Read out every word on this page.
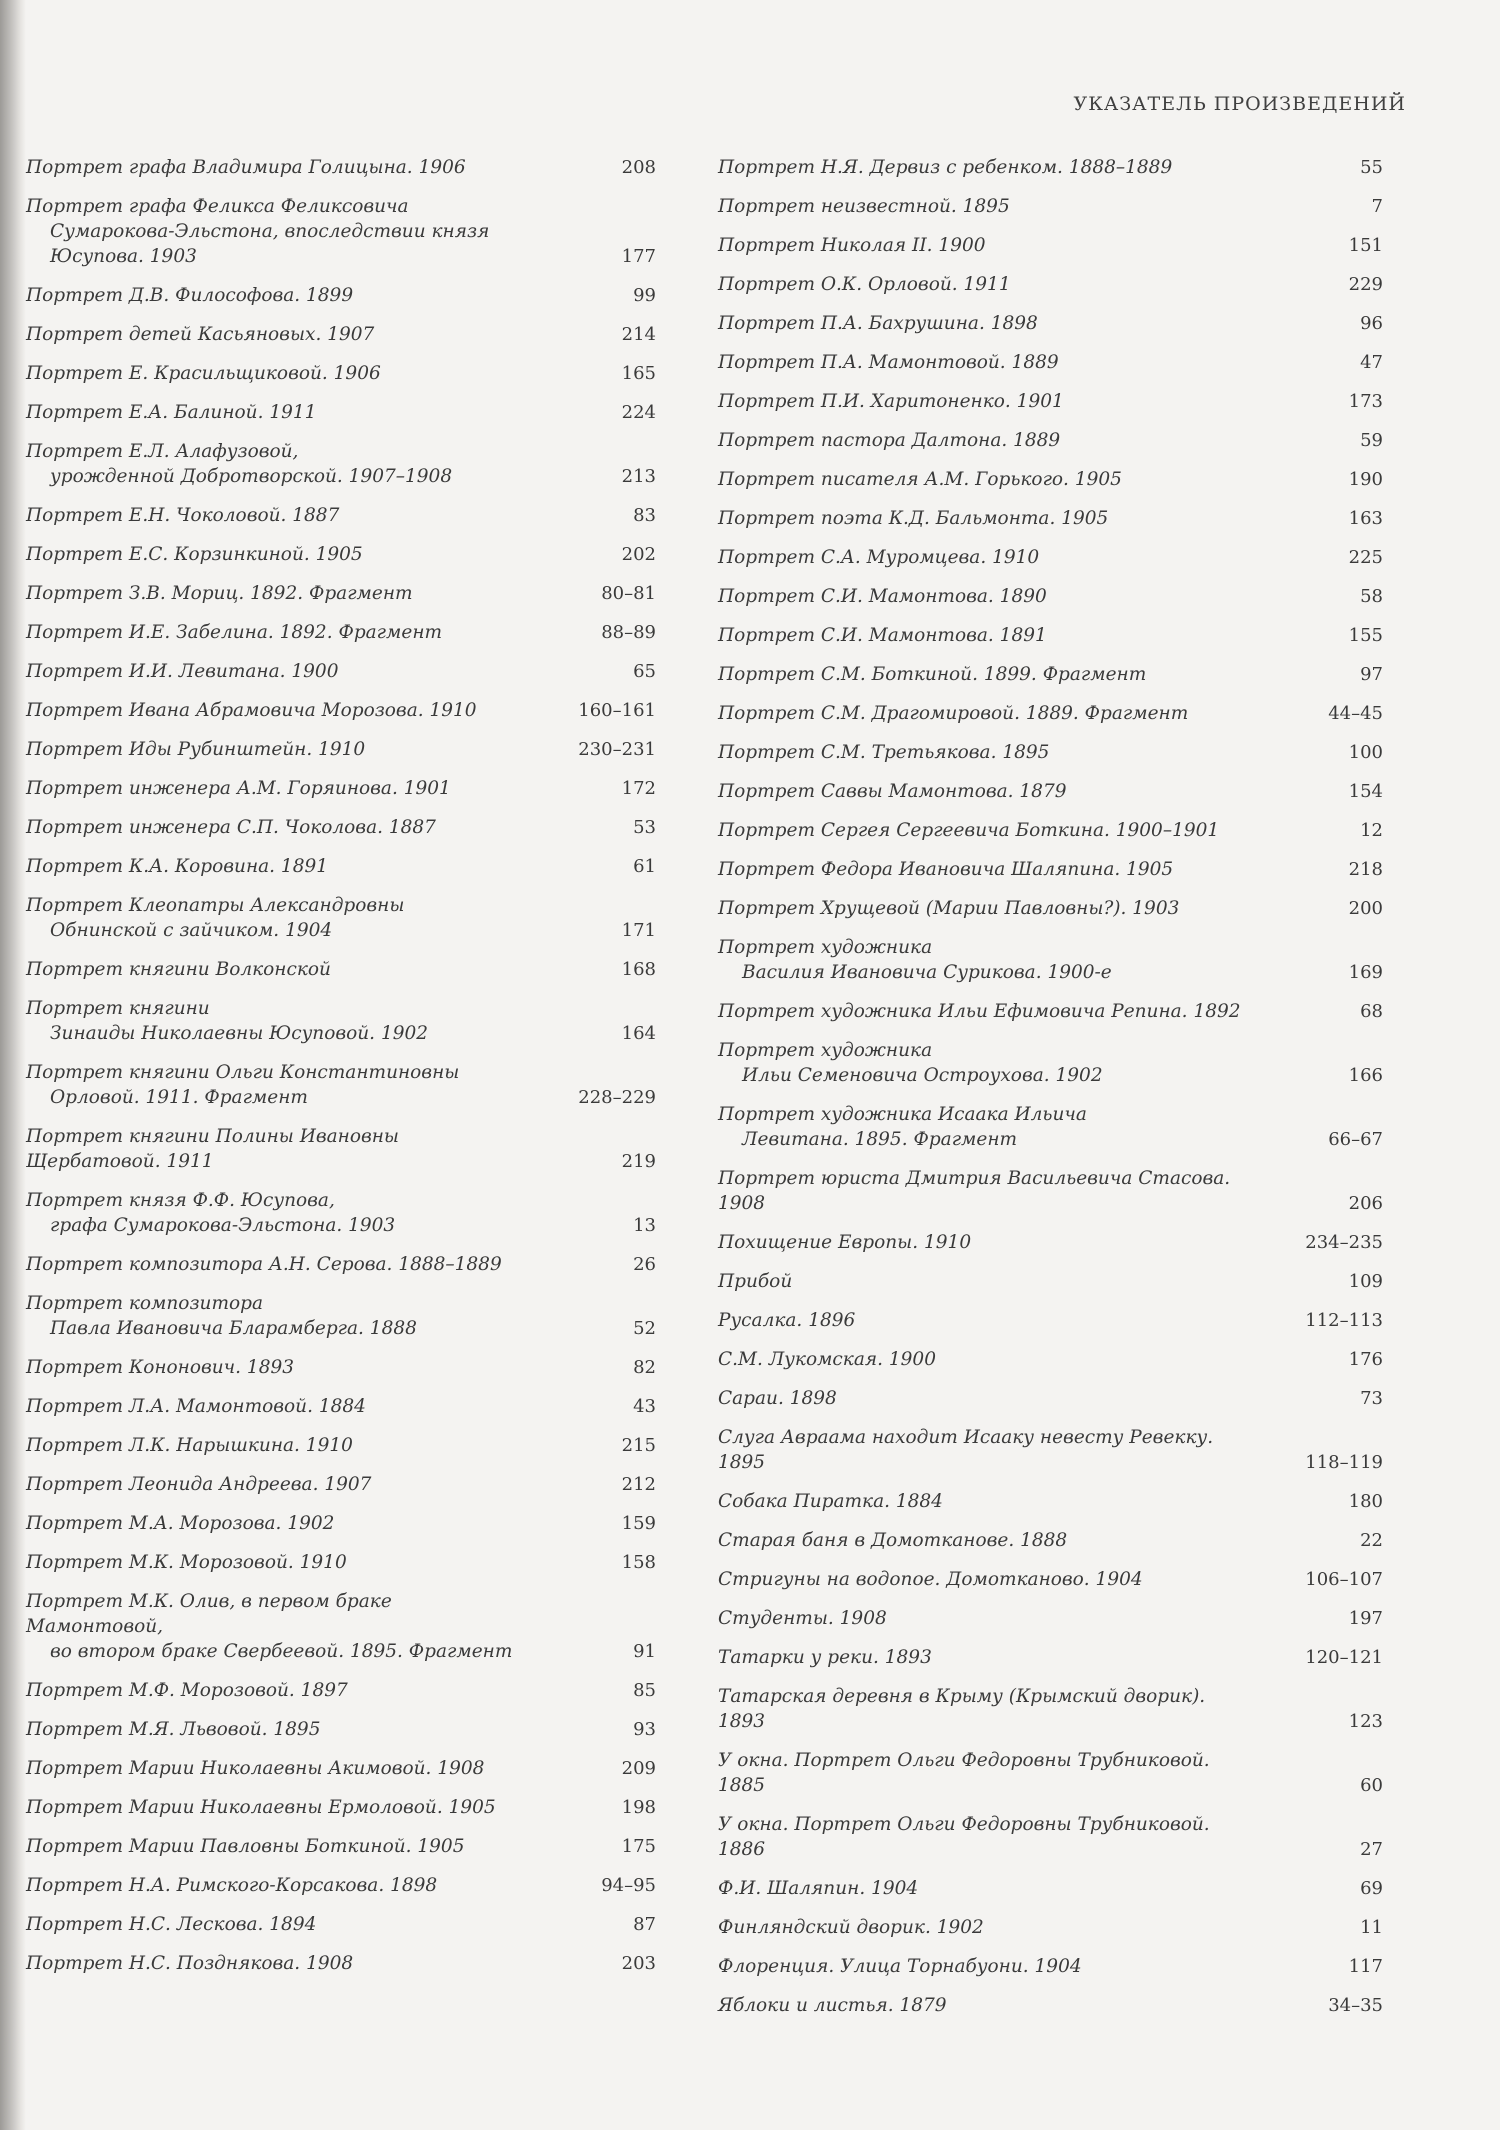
УКАЗАТЕЛЬ ПРОИЗВЕДЕНИЙ
Портрет графа Владимира Голицына. 1906	208
Портрет графа Феликса Феликсовича
Сумарокова-Эльстона, впоследствии князя Юсупова. 1903	177
Портрет Д.В. Философова. 1899	99
Портрет детей Касьяновых. 1907	214
Портрет Е. Красильщиковой. 1906	165
Портрет Е.А. Балиной. 1911	224
Портрет Е.Л. Алафузовой,
урожденной Добротворской. 1907–1908	213
Портрет Е.Н. Чоколовой. 1887	83
Портрет Е.С. Корзинкиной. 1905	202
Портрет З.В. Мориц. 1892. Фрагмент	80–81
Портрет И.Е. Забелина. 1892. Фрагмент	88–89
Портрет И.И. Левитана. 1900	65
Портрет Ивана Абрамовича Морозова. 1910	160–161
Портрет Иды Рубинштейн. 1910	230–231
Портрет инженера А.М. Горяинова. 1901	172
Портрет инженера С.П. Чоколова. 1887	53
Портрет К.А. Коровина. 1891	61
Портрет Клеопатры Александровны
Обнинской с зайчиком. 1904	171
Портрет княгини Волконской	168
Портрет княгини
Зинаиды Николаевны Юсуповой. 1902	164
Портрет княгини Ольги Константиновны
Орловой. 1911. Фрагмент	228–229
Портрет княгини Полины Ивановны Щербатовой. 1911	219
Портрет князя Ф.Ф. Юсупова,
графа Сумарокова-Эльстона. 1903	13
Портрет композитора А.Н. Серова. 1888–1889	26
Портрет композитора
Павла Ивановича Бларамберга. 1888	52
Портрет Кононович. 1893	82
Портрет Л.А. Мамонтовой. 1884	43
Портрет Л.К. Нарышкина. 1910	215
Портрет Леонида Андреева. 1907	212
Портрет М.А. Морозова. 1902	159
Портрет М.К. Морозовой. 1910	158
Портрет М.К. Олив, в первом браке Мамонтовой,
во втором браке Свербеевой. 1895. Фрагмент	91
Портрет М.Ф. Морозовой. 1897	85
Портрет М.Я. Львовой. 1895	93
Портрет Марии Николаевны Акимовой. 1908	209
Портрет Марии Николаевны Ермоловой. 1905	198
Портрет Марии Павловны Боткиной. 1905	175
Портрет Н.А. Римского-Корсакова. 1898	94–95
Портрет Н.С. Лескова. 1894	87
Портрет Н.С. Позднякова. 1908	203
Портрет Н.Я. Дервиз с ребенком. 1888–1889	55
Портрет неизвестной. 1895	7
Портрет Николая II. 1900	151
Портрет О.К. Орловой. 1911	229
Портрет П.А. Бахрушина. 1898	96
Портрет П.А. Мамонтовой. 1889	47
Портрет П.И. Харитоненко. 1901	173
Портрет пастора Далтона. 1889	59
Портрет писателя А.М. Горького. 1905	190
Портрет поэта К.Д. Бальмонта. 1905	163
Портрет С.А. Муромцева. 1910	225
Портрет С.И. Мамонтова. 1890	58
Портрет С.И. Мамонтова. 1891	155
Портрет С.М. Боткиной. 1899. Фрагмент	97
Портрет С.М. Драгомировой. 1889. Фрагмент	44–45
Портрет С.М. Третьякова. 1895	100
Портрет Саввы Мамонтова. 1879	154
Портрет Сергея Сергеевича Боткина. 1900–1901	12
Портрет Федора Ивановича Шаляпина. 1905	218
Портрет Хрущевой (Марии Павловны?). 1903	200
Портрет художника
Василия Ивановича Сурикова. 1900-е	169
Портрет художника Ильи Ефимовича Репина. 1892	68
Портрет художника
Ильи Семеновича Остроухова. 1902	166
Портрет художника Исаака Ильича
Левитана. 1895. Фрагмент	66–67
Портрет юриста Дмитрия Васильевича Стасова. 1908	206
Похищение Европы. 1910	234–235
Прибой	109
Русалка. 1896	112–113
С.М. Лукомская. 1900	176
Сараи. 1898	73
Слуга Авраама находит Исааку невесту Ревекку. 1895	118–119
Собака Пиратка. 1884	180
Старая баня в Домотканове. 1888	22
Стригуны на водопое. Домотканово. 1904	106–107
Студенты. 1908	197
Татарки у реки. 1893	120–121
Татарская деревня в Крыму (Крымский дворик). 1893	123
У окна. Портрет Ольги Федоровны Трубниковой. 1885	60
У окна. Портрет Ольги Федоровны Трубниковой. 1886	27
Ф.И. Шаляпин. 1904	69
Финляндский дворик. 1902	11
Флоренция. Улица Торнабуони. 1904	117
Яблоки и листья. 1879	34–35
